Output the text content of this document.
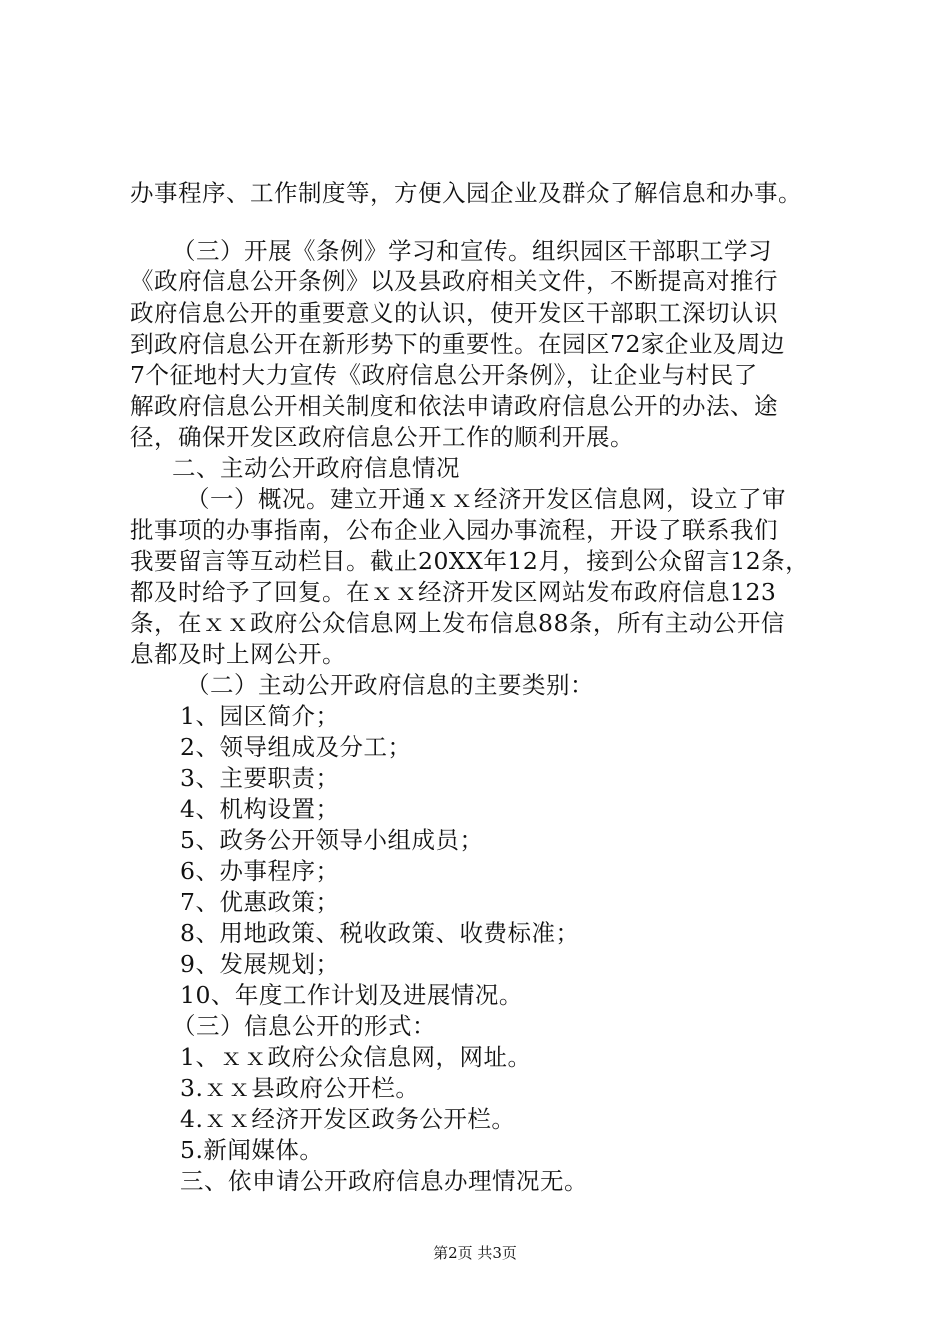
办事程序、工作制度等，方便入园企业及群众了解信息和办事。
（三）开展《条例》学习和宣传。组织园区干部职工学习
《政府信息公开条例》以及县政府相关文件，不断提高对推行
政府信息公开的重要意义的认识，使开发区干部职工深切认识
到政府信息公开在新形势下的重要性。在园区72家企业及周边
7个征地村大力宣传《政府信息公开条例》，让企业与村民了
解政府信息公开相关制度和依法申请政府信息公开的办法、途
径，确保开发区政府信息公开工作的顺利开展。
二、主动公开政府信息情况
（一）概况。建立开通ｘｘ经济开发区信息网，设立了审
批事项的办事指南，公布企业入园办事流程，开设了联系我们
我要留言等互动栏目。截止20XX年12月，接到公众留言12条，
都及时给予了回复。在ｘｘ经济开发区网站发布政府信息123
条，在ｘｘ政府公众信息网上发布信息88条，所有主动公开信
息都及时上网公开。
（二）主动公开政府信息的主要类别：
1、园区简介；
2、领导组成及分工；
3、主要职责；
4、机构设置；
5、政务公开领导小组成员；
6、办事程序；
7、优惠政策；
8、用地政策、税收政策、收费标准；
9、发展规划；
10、年度工作计划及进展情况。
（三）信息公开的形式：
1、ｘｘ政府公众信息网，网址。
3.ｘｘ县政府公开栏。
4.ｘｘ经济开发区政务公开栏。
5.新闻媒体。
三、依申请公开政府信息办理情况无。
第2页 共3页
